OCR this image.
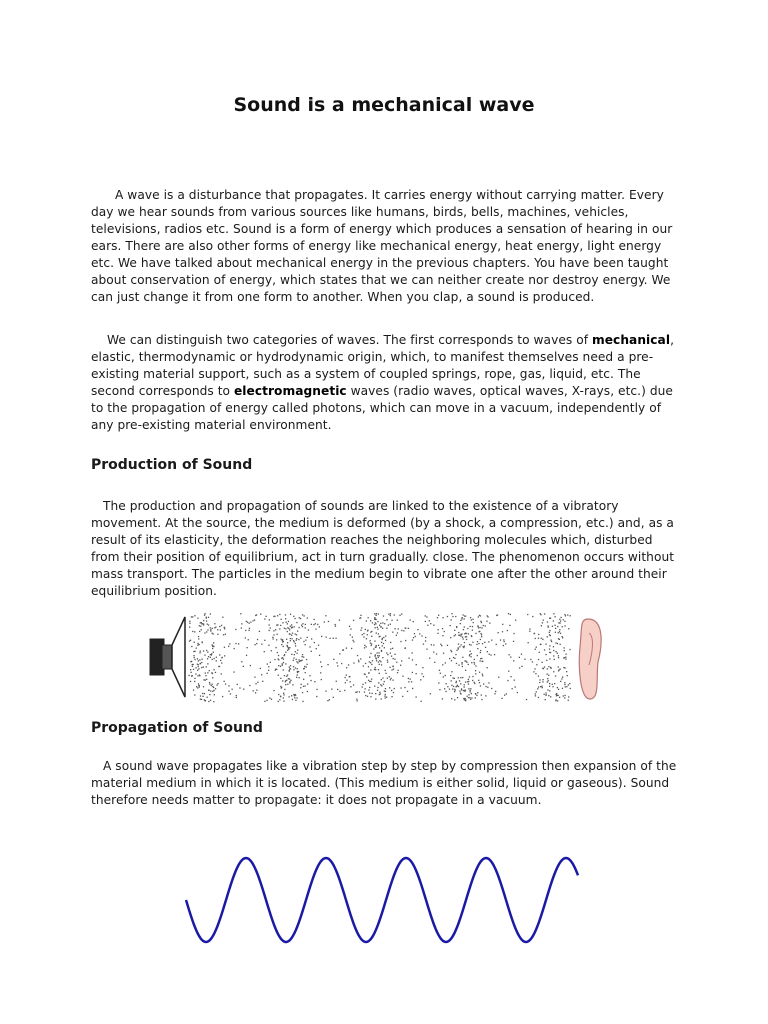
Sound is a mechanical wave

A wave is a disturbance that propagates. It carries energy without carrying matter. Every day we hear sounds from various sources like humans, birds, bells, machines, vehicles, televisions, radios etc. Sound is a form of energy which produces a sensation of hearing in our ears. There are also other forms of energy like mechanical energy, heat energy, light energy etc. We have talked about mechanical energy in the previous chapters. You have been taught about conservation of energy, which states that we can neither create nor destroy energy. We can just change it from one form to another. When you clap, a sound is produced.

We can distinguish two categories of waves. The first corresponds to waves of mechanical, elastic, thermodynamic or hydrodynamic origin, which, to manifest themselves need a pre-existing material support, such as a system of coupled springs, rope, gas, liquid, etc. The second corresponds to electromagnetic waves (radio waves, optical waves, X-rays, etc.) due to the propagation of energy called photons, which can move in a vacuum, independently of any pre-existing material environment.

Production of Sound

The production and propagation of sounds are linked to the existence of a vibratory movement. At the source, the medium is deformed (by a shock, a compression, etc.) and, as a result of its elasticity, the deformation reaches the neighboring molecules which, disturbed from their position of equilibrium, act in turn gradually. close. The phenomenon occurs without mass transport. The particles in the medium begin to vibrate one after the other around their equilibrium position.

Propagation of Sound

A sound wave propagates like a vibration step by step by compression then expansion of the material medium in which it is located. (This medium is either solid, liquid or gaseous). Sound therefore needs matter to propagate: it does not propagate in a vacuum.
